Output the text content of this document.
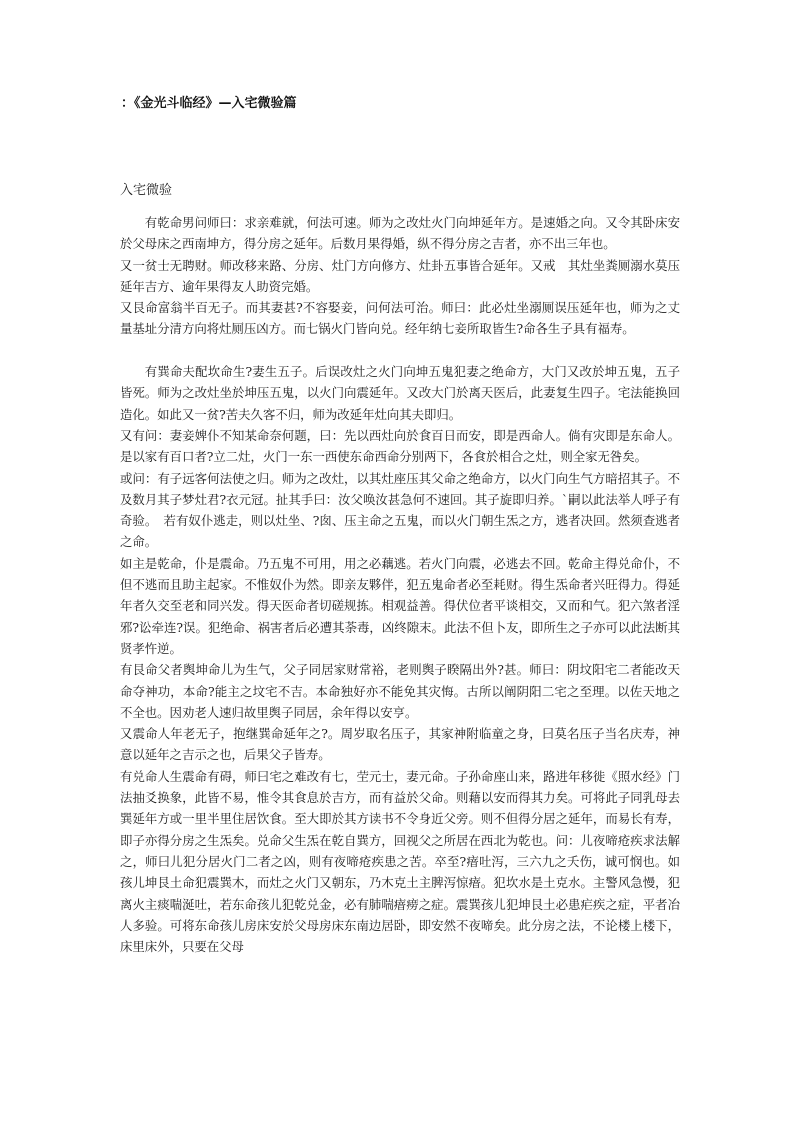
：《金光斗临经》—入宅微验篇
入宅微验

有乾命男问师曰：求亲难就，何法可速。师为之改灶火门向坤延年方。是速婚之向。又令其卧床安於父母床之西南坤方，得分房之延年。后数月果得婚，纵不得分房之吉者，亦不出三年也。

又一贫士无聘财。师改移来路、分房、灶门方向修方、灶卦五事皆合延年。又戒　其灶坐粪厕溺水莫压延年吉方、逾年果得友人助资完婚。

又艮命富翁半百无子。而其妻甚?不容娶妾，问何法可治。师曰：此必灶坐溺厕误压延年也，师为之丈量基址分清方向将灶厕压凶方。而七锅火门皆向兑。经年纳七妾所取皆生?命各生子具有福寿。

有巽命夫配坎命生?妻生五子。后误改灶之火门向坤五鬼犯妻之绝命方，大门又改於坤五鬼，五子皆死。师为之改灶坐於坤压五鬼，以火门向震延年。又改大门於离天医后，此妻复生四子。宅法能换回造化。如此又一贫?苦夫久客不归，师为改延年灶向其夫即归。

又有问：妻妾婢仆不知某命奈何题，曰：先以西灶向於食百日而安，即是西命人。倘有灾即是东命人。是以家有百口者?立二灶，火门一东一西使东命西命分别两下，各食於相合之灶，则全家无咎矣。

或问：有子远客何法使之归。师为之改灶，以其灶座压其父命之绝命方，以火门向生气方暗招其子。不及数月其子梦灶君?衣元冠。扯其手曰：汝父唤汝甚急何不速回。其子旋即归养。`嗣以此法举人呼子有奇验。　若有奴仆逃走，则以灶坐、?囱、压主命之五鬼，而以火门朝生炁之方，逃者决回。然须查逃者之命。

如主是乾命，仆是震命。乃五鬼不可用，用之必藕逃。若火门向震，必逃去不回。乾命主得兑命仆，不但不逃而且助主起家。不惟奴仆为然。即亲友夥伴，犯五鬼命者必至耗财。得生炁命者兴旺得力。得延年者久交至老和同兴发。得天医命者切磋规拣。相观益善。得伏位者平谈相交，又而和气。犯六煞者淫邪?讼牵连?误。犯绝命、祸害者后必遭其荼毒，凶终隙末。此法不但卜友，即所生之子亦可以此法断其贤孝忤逆。

有艮命父者舆坤命儿为生气，父子同居家财常裕，老则舆子睽隔出外?甚。师曰：阴坟阳宅二者能改天命夺神功，本命?能主之坟宅不吉。本命独好亦不能免其灾悔。古所以阐阴阳二宅之至理。以佐天地之不全也。因劝老人速归故里舆子同居，余年得以安亨。

又震命人年老无子，抱继巽命延年之?。周岁取名压子，其家神附临童之身，曰莫名压子当名庆寿，神意以延年之吉示之也，后果父子皆寿。

有兑命人生震命有碍，师曰宅之难改有七，茔元士，妻元命。子孙命座山来，路进年移徙《照水经》门法抽爻换象，此皆不易，惟令其食息於吉方，而有益於父命。则藉以安而得其力矣。可将此子同乳母去巽延年方或一里半里住居饮食。至大即於其方读书不令身近父旁。则不但得分居之延年，而易长有寿，即子亦得分房之生炁矣。兑命父生炁在乾自巽方，回视父之所居在西北为乾也。问：儿夜啼疮疾求法解之，师曰儿犯分居火门二者之凶，则有夜啼疮疾患之苦。卒至?瘖吐泻，三六九之夭伤，诚可悯也。如孩儿坤艮土命犯震巽木，而灶之火门又朝东，乃木克土主脾泻惊瘖。犯坎水是土克水。主警风急慢，犯离火主痰喘涎吐，若东命孩儿犯乾兑金，必有肺喘瘖痨之症。震巽孩儿犯坤艮土必患疟疾之症，平者冶人多验。可将东命孩儿房床安於父母房床东南边居卧，即安然不夜啼矣。此分房之法，不论楼上楼下，床里床外，只要在父母
